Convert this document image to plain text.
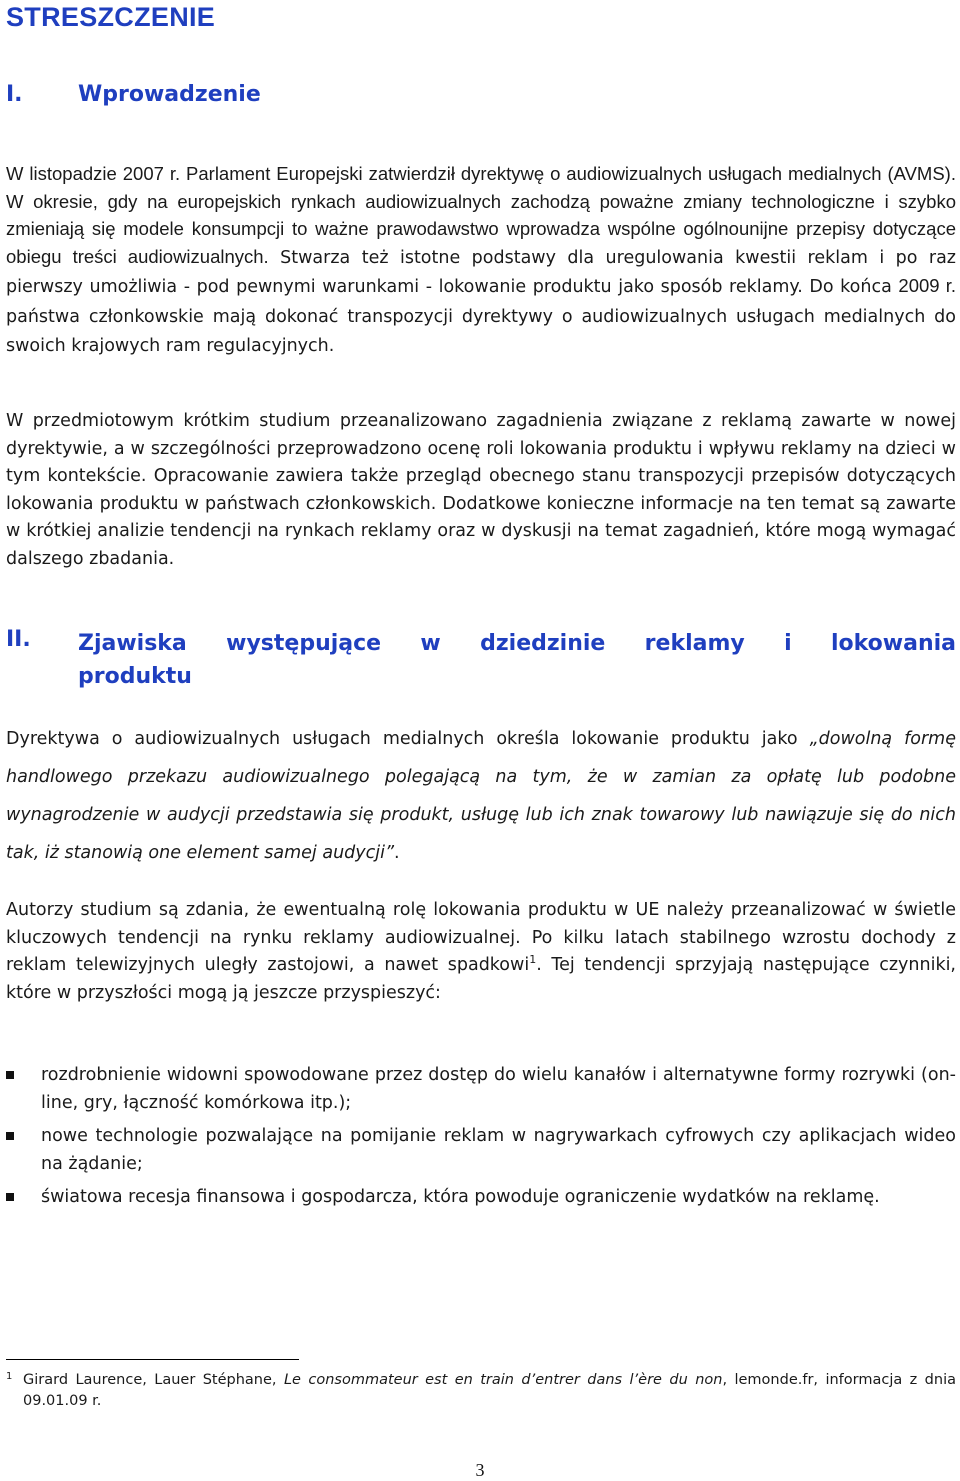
STRESZCZENIE
I.	Wprowadzenie

W listopadzie 2007 r. Parlament Europejski zatwierdził dyrektywę o audiowizualnych usługach medialnych (AVMS). W okresie, gdy na europejskich rynkach audiowizualnych zachodzą poważne zmiany technologiczne i szybko zmieniają się modele konsumpcji to ważne prawodawstwo wprowadza wspólne ogólnounijne przepisy dotyczące obiegu treści audiowizualnych. Stwarza też istotne podstawy dla uregulowania kwestii reklam i po raz pierwszy umożliwia - pod pewnymi warunkami - lokowanie produktu jako sposób reklamy. Do końca 2009 r. państwa członkowskie mają dokonać transpozycji dyrektywy o audiowizualnych usługach medialnych do swoich krajowych ram regulacyjnych.

W przedmiotowym krótkim studium przeanalizowano zagadnienia związane z reklamą zawarte w nowej dyrektywie, a w szczególności przeprowadzono ocenę roli lokowania produktu i wpływu reklamy na dzieci w tym kontekście. Opracowanie zawiera także przegląd obecnego stanu transpozycji przepisów dotyczących lokowania produktu w państwach członkowskich. Dodatkowe konieczne informacje na ten temat są zawarte w krótkiej analizie tendencji na rynkach reklamy oraz w dyskusji na temat zagadnień, które mogą wymagać dalszego zbadania.

II.	Zjawiska występujące w dziedzinie reklamy i lokowania
produktu

Dyrektywa o audiowizualnych usługach medialnych określa lokowanie produktu jako „dowolną formę handlowego przekazu audiowizualnego polegającą na tym, że w zamian za opłatę lub podobne wynagrodzenie w audycji przedstawia się produkt, usługę lub ich znak towarowy lub nawiązuje się do nich tak, iż stanowią one element samej audycji”.

Autorzy studium są zdania, że ewentualną rolę lokowania produktu w UE należy przeanalizować w świetle kluczowych tendencji na rynku reklamy audiowizualnej. Po kilku latach stabilnego wzrostu dochody z reklam telewizyjnych uległy zastojowi, a nawet spadkowi$^1$. Tej tendencji sprzyjają następujące czynniki, które w przyszłości mogą ją jeszcze przyspieszyć:

rozdrobnienie widowni spowodowane przez dostęp do wielu kanałów i alternatywne formy rozrywki (on-line, gry, łączność komórkowa itp.);
nowe technologie pozwalające na pomijanie reklam w nagrywarkach cyfrowych czy aplikacjach wideo na żądanie;
światowa recesja finansowa i gospodarcza, która powoduje ograniczenie wydatków na reklamę.
1 Girard Laurence, Lauer Stéphane, Le consommateur est en train d’entrer dans l’ère du non, lemonde.fr, informacja z dnia 09.01.09 r.
3
